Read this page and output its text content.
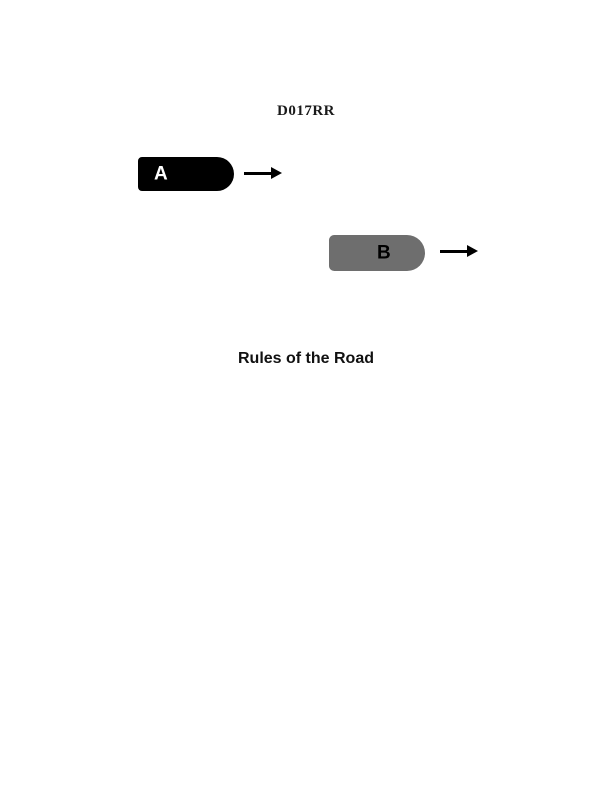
D017RR
A
B
Rules of the Road
